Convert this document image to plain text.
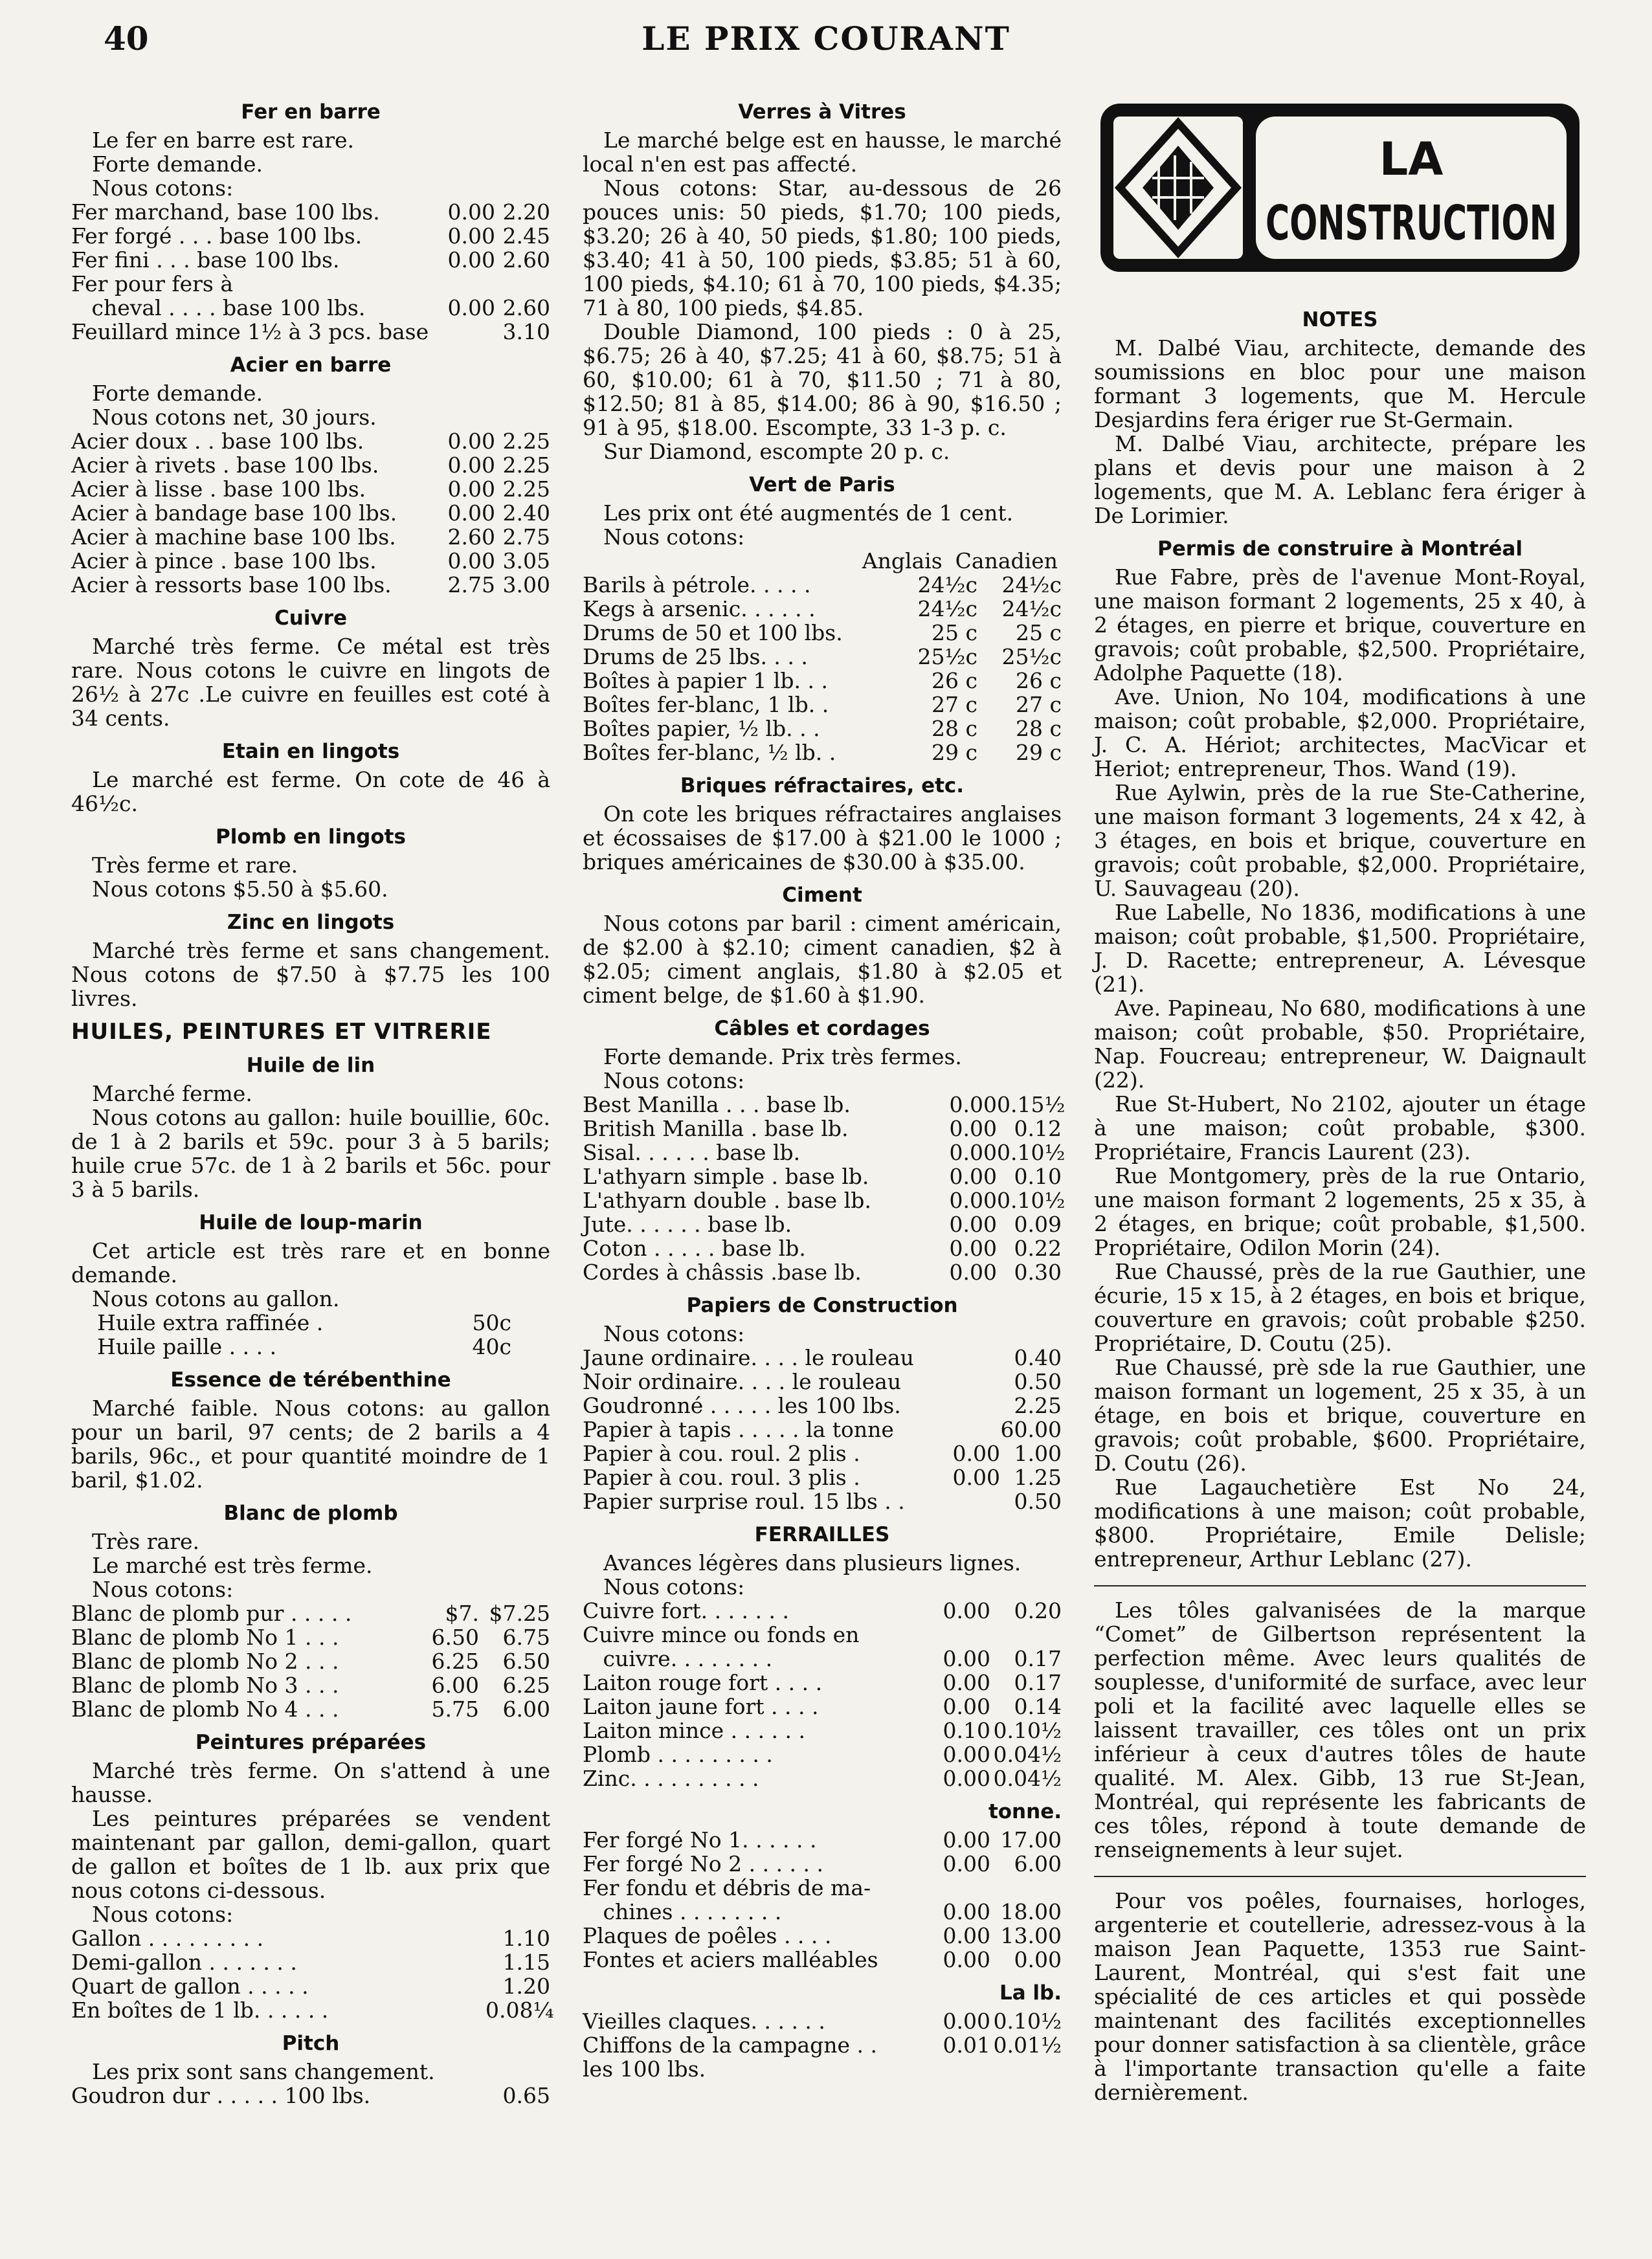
40	LE PRIX COURANT
Fer en barre

Le fer en barre est rare.

Forte demande.

Nous cotons:

Fer marchand, base 100 lbs.	0.00 2.20
Fer forgé . . . base 100 lbs.	0.00 2.45
Fer fini . . . base 100 lbs.	0.00 2.60
Fer pour fers à
cheval . . . . base 100 lbs.	0.00 2.60
Feuillard mince 1½ à 3 pcs. base	3.10
Acier en barre

Forte demande.

Nous cotons net, 30 jours.

Acier doux . . base 100 lbs.	0.00 2.25
Acier à rivets . base 100 lbs.	0.00 2.25
Acier à lisse . base 100 lbs.	0.00 2.25
Acier à bandage base 100 lbs.	0.00 2.40
Acier à machine base 100 lbs.	2.60 2.75
Acier à pince . base 100 lbs.	0.00 3.05
Acier à ressorts base 100 lbs.	2.75 3.00
Cuivre

Marché très ferme. Ce métal est très rare. Nous cotons le cuivre en lingots de 26½ à 27c .Le cuivre en feuilles est coté à 34 cents.

Etain en lingots

Le marché est ferme. On cote de 46 à 46½c.

Plomb en lingots

Très ferme et rare.

Nous cotons $5.50 à $5.60.

Zinc en lingots

Marché très ferme et sans changement. Nous cotons de $7.50 à $7.75 les 100 livres.

HUILES, PEINTURES ET VITRERIE
Huile de lin

Marché ferme.

Nous cotons au gallon: huile bouillie, 60c. de 1 à 2 barils et 59c. pour 3 à 5 barils; huile crue 57c. de 1 à 2 barils et 56c. pour 3 à 5 barils.

Huile de loup-marin

Cet article est très rare et en bonne demande.

Nous cotons au gallon.

Huile extra raffinée .	50c
Huile paille . . . .	40c
Essence de térébenthine

Marché faible. Nous cotons: au gallon pour un baril, 97 cents; de 2 barils a 4 barils, 96c., et pour quantité moindre de 1 baril, $1.02.

Blanc de plomb

Très rare.

Le marché est très ferme.

Nous cotons:

Blanc de plomb pur . . . . .	$7. $7.25
Blanc de plomb No 1 . . .	6.50	6.75
Blanc de plomb No 2 . . .	6.25	6.50
Blanc de plomb No 3 . . .	6.00	6.25
Blanc de plomb No 4 . . .	5.75	6.00
Peintures préparées

Marché très ferme. On s'attend à une hausse.

Les peintures préparées se vendent maintenant par gallon, demi-gallon, quart de gallon et boîtes de 1 lb. aux prix que nous cotons ci-dessous.

Nous cotons:

Gallon . . . . . . . . .	1.10
Demi-gallon . . . . . . .	1.15
Quart de gallon . . . . .	1.20
En boîtes de 1 lb. . . . . .	0.08¼
Pitch

Les prix sont sans changement.

Goudron dur . . . . . 100 lbs.	0.65
Verres à Vitres

Le marché belge est en hausse, le marché local n'en est pas affecté.

Nous cotons: Star, au-dessous de 26 pouces unis: 50 pieds, $1.70; 100 pieds, $3.20; 26 à 40, 50 pieds, $1.80; 100 pieds, $3.40; 41 à 50, 100 pieds, $3.85; 51 à 60, 100 pieds, $4.10; 61 à 70, 100 pieds, $4.35; 71 à 80, 100 pieds, $4.85.

Double Diamond, 100 pieds : 0 à 25, $6.75; 26 à 40, $7.25; 41 à 60, $8.75; 51 à 60, $10.00; 61 à 70, $11.50 ; 71 à 80, $12.50; 81 à 85, $14.00; 86 à 90, $16.50 ; 91 à 95, $18.00. Escompte, 33 1-3 p. c.

Sur Diamond, escompte 20 p. c.

Vert de Paris

Les prix ont été augmentés de 1 cent.

Nous cotons:

Anglais Canadien
Barils à pétrole. . . . .	24½c	24½c
Kegs à arsenic. . . . . .	24½c	24½c
Drums de 50 et 100 lbs.	25 c	25 c
Drums de 25 lbs. . . .	25½c	25½c
Boîtes à papier 1 lb. . .	26 c	26 c
Boîtes fer-blanc, 1 lb. .	27 c	27 c
Boîtes papier, ½ lb. . .	28 c	28 c
Boîtes fer-blanc, ½ lb. .	29 c	29 c
Briques réfractaires, etc.

On cote les briques réfractaires anglaises et écossaises de $17.00 à $21.00 le 1000 ; briques américaines de $30.00 à $35.00.

Ciment

Nous cotons par baril : ciment américain, de $2.00 à $2.10; ciment canadien, $2 à $2.05; ciment anglais, $1.80 à $2.05 et ciment belge, de $1.60 à $1.90.

Câbles et cordages

Forte demande. Prix très fermes.

Nous cotons:

Best Manilla . . . base lb.	0.00 0.15½
British Manilla . base lb.	0.00 0.12
Sisal. . . . . . base lb.	0.00 0.10½
L'athyarn simple . base lb.	0.00 0.10
L'athyarn double . base lb.	0.00 0.10½
Jute. . . . . . base lb.	0.00 0.09
Coton . . . . . base lb.	0.00 0.22
Cordes à châssis .base lb.	0.00 0.30
Papiers de Construction

Nous cotons:

Jaune ordinaire. . . . le rouleau	0.40
Noir ordinaire. . . . le rouleau	0.50
Goudronné . . . . . les 100 lbs.	2.25
Papier à tapis . . . . . la tonne	60.00
Papier à cou. roul. 2 plis .	0.00 1.00
Papier à cou. roul. 3 plis .	0.00 1.25
Papier surprise roul. 15 lbs . .	0.50
FERRAILLES

Avances légères dans plusieurs lignes.

Nous cotons:

Cuivre fort. . . . . . .	0.00	0.20
Cuivre mince ou fonds en
cuivre. . . . . . . .	0.00	0.17
Laiton rouge fort . . . .	0.00	0.17
Laiton jaune fort . . . .	0.00	0.14
Laiton mince . . . . . .	0.10 0.10½
Plomb . . . . . . . . .	0.00 0.04½
Zinc. . . . . . . . . .	0.00 0.04½
tonne.
Fer forgé No 1. . . . . .	0.00 17.00
Fer forgé No 2 . . . . . .	0.00	6.00
Fer fondu et débris de ma-
chines . . . . . . . .	0.00 18.00
Plaques de poêles . . . .	0.00 13.00
Fontes et aciers malléables	0.00	0.00
La lb.
Vieilles claques. . . . . .	0.00 0.10½
Chiffons de la campagne . .	0.01 0.01½
les 100 lbs.
LA
CONSTRUCTION
NOTES

M. Dalbé Viau, architecte, demande des soumissions en bloc pour une maison formant 3 logements, que M. Hercule Desjardins fera ériger rue St-Germain.

M. Dalbé Viau, architecte, prépare les plans et devis pour une maison à 2 logements, que M. A. Leblanc fera ériger à De Lorimier.

Permis de construire à Montréal

Rue Fabre, près de l'avenue Mont-Royal, une maison formant 2 logements, 25 x 40, à 2 étages, en pierre et brique, couverture en gravois; coût probable, $2,500. Propriétaire, Adolphe Paquette (18).

Ave. Union, No 104, modifications à une maison; coût probable, $2,000. Propriétaire, J. C. A. Hériot; architectes, MacVicar et Heriot; entrepreneur, Thos. Wand (19).

Rue Aylwin, près de la rue Ste-Catherine, une maison formant 3 logements, 24 x 42, à 3 étages, en bois et brique, couverture en gravois; coût probable, $2,000. Propriétaire, U. Sauvageau (20).

Rue Labelle, No 1836, modifications à une maison; coût probable, $1,500. Propriétaire, J. D. Racette; entrepreneur, A. Lévesque (21).

Ave. Papineau, No 680, modifications à une maison; coût probable, $50. Propriétaire, Nap. Foucreau; entrepreneur, W. Daignault (22).

Rue St-Hubert, No 2102, ajouter un étage à une maison; coût probable, $300. Propriétaire, Francis Laurent (23).

Rue Montgomery, près de la rue Ontario, une maison formant 2 logements, 25 x 35, à 2 étages, en brique; coût probable, $1,500. Propriétaire, Odilon Morin (24).

Rue Chaussé, près de la rue Gauthier, une écurie, 15 x 15, à 2 étages, en bois et brique, couverture en gravois; coût probable $250. Propriétaire, D. Coutu (25).

Rue Chaussé, prè sde la rue Gauthier, une maison formant un logement, 25 x 35, à un étage, en bois et brique, couverture en gravois; coût probable, $600. Propriétaire, D. Coutu (26).

Rue Lagauchetière Est No 24, modifications à une maison; coût probable, $800. Propriétaire, Emile Delisle; entrepreneur, Arthur Leblanc (27).

Les tôles galvanisées de la marque “Comet” de Gilbertson représentent la perfection même. Avec leurs qualités de souplesse, d'uniformité de surface, avec leur poli et la facilité avec laquelle elles se laissent travailler, ces tôles ont un prix inférieur à ceux d'autres tôles de haute qualité. M. Alex. Gibb, 13 rue St-Jean, Montréal, qui représente les fabricants de ces tôles, répond à toute demande de renseignements à leur sujet.

Pour vos poêles, fournaises, horloges, argenterie et coutellerie, adressez-vous à la maison Jean Paquette, 1353 rue Saint-Laurent, Montréal, qui s'est fait une spécialité de ces articles et qui possède maintenant des facilités exceptionnelles pour donner satisfaction à sa clientèle, grâce à l'importante transaction qu'elle a faite dernièrement.
